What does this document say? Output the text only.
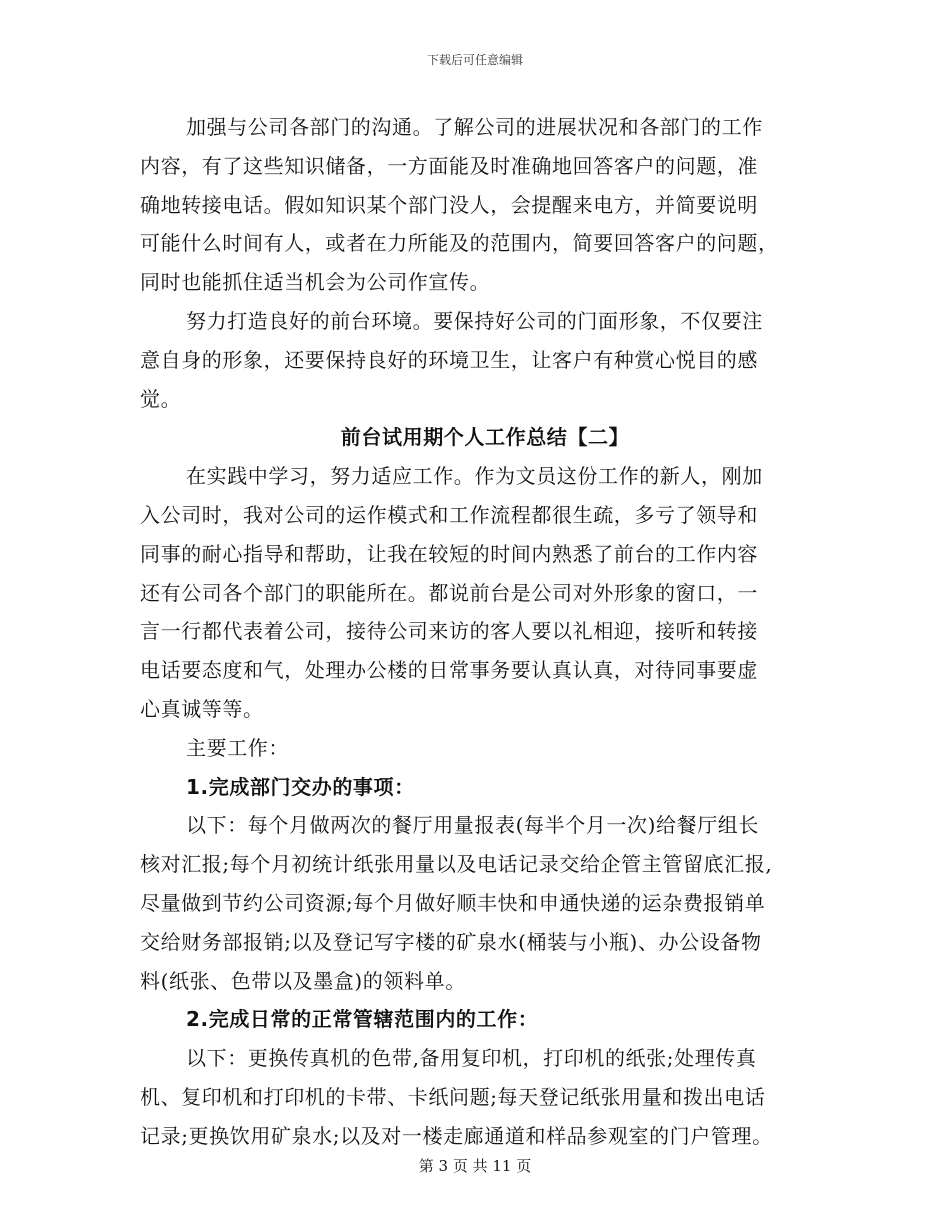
下载后可任意编辑
加强与公司各部门的沟通。了解公司的进展状况和各部门的工作
内容，有了这些知识储备，一方面能及时准确地回答客户的问题，准
确地转接电话。假如知识某个部门没人，会提醒来电方，并简要说明
可能什么时间有人，或者在力所能及的范围内，简要回答客户的问题，
同时也能抓住适当机会为公司作宣传。
努力打造良好的前台环境。要保持好公司的门面形象，不仅要注
意自身的形象，还要保持良好的环境卫生，让客户有种赏心悦目的感
觉。
前台试用期个人工作总结【二】
在实践中学习，努力适应工作。作为文员这份工作的新人，刚加
入公司时，我对公司的运作模式和工作流程都很生疏，多亏了领导和
同事的耐心指导和帮助，让我在较短的时间内熟悉了前台的工作内容
还有公司各个部门的职能所在。都说前台是公司对外形象的窗口，一
言一行都代表着公司，接待公司来访的客人要以礼相迎，接听和转接
电话要态度和气，处理办公楼的日常事务要认真认真，对待同事要虚
心真诚等等。
主要工作：
1.完成部门交办的事项：
以下：每个月做两次的餐厅用量报表(每半个月一次)给餐厅组长
核对汇报;每个月初统计纸张用量以及电话记录交给企管主管留底汇报,
尽量做到节约公司资源;每个月做好顺丰快和申通快递的运杂费报销单
交给财务部报销;以及登记写字楼的矿泉水(桶装与小瓶)、办公设备物
料(纸张、色带以及墨盒)的领料单。
2.完成日常的正常管辖范围内的工作：
以下：更换传真机的色带,备用复印机，打印机的纸张;处理传真
机、复印机和打印机的卡带、卡纸问题;每天登记纸张用量和拨出电话
记录;更换饮用矿泉水;以及对一楼走廊通道和样品参观室的门户管理。
第 3 页 共 11 页
